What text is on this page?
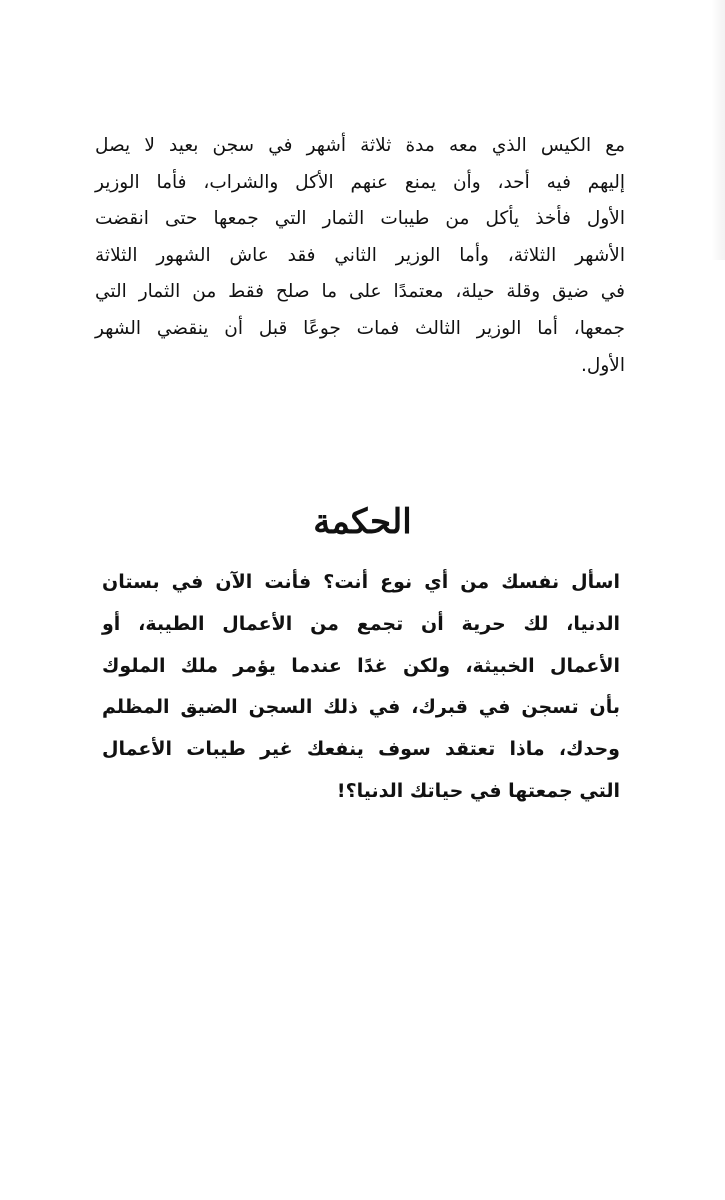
مع الكيس الذي معه مدة ثلاثة أشهر في سجن بعيد لا يصل
إليهم فيه أحد، وأن يمنع عنهم الأكل والشراب، فأما الوزير
الأول فأخذ يأكل من طيبات الثمار التي جمعها حتى انقضت
الأشهر الثلاثة، وأما الوزير الثاني فقد عاش الشهور الثلاثة
في ضيق وقلة حيلة، معتمدًا على ما صلح فقط من الثمار التي
جمعها، أما الوزير الثالث فمات جوعًا قبل أن ينقضي الشهر
الأول.
الحكمة
اسأل نفسك من أي نوع أنت؟ فأنت الآن في بستان
الدنيا، لك حرية أن تجمع من الأعمال الطيبة، أو
الأعمال الخبيثة، ولكن غدًا عندما يؤمر ملك الملوك
بأن تسجن في قبرك، في ذلك السجن الضيق المظلم
وحدك، ماذا تعتقد سوف ينفعك غير طيبات الأعمال
التي جمعتها في حياتك الدنيا؟!
